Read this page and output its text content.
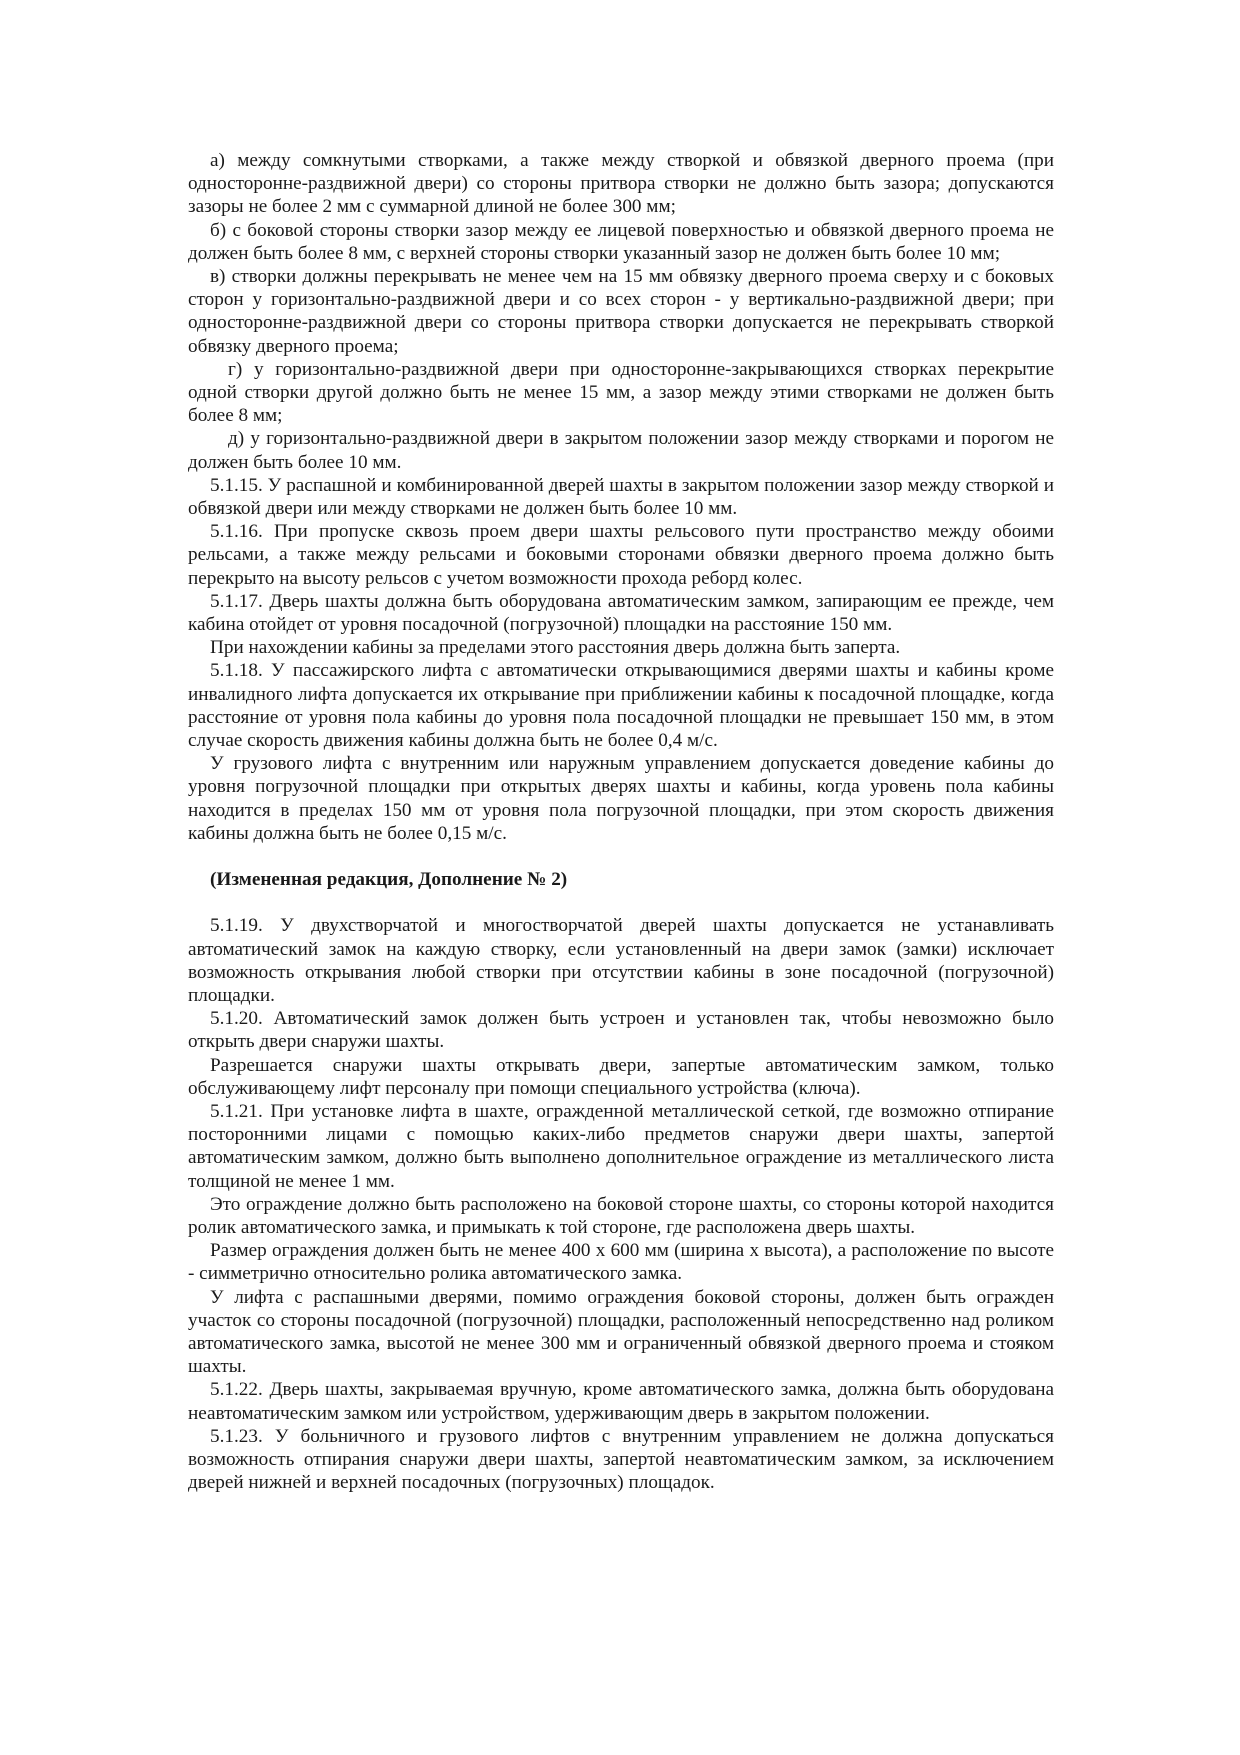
а) между сомкнутыми створками, а также между створкой и обвязкой дверного проема (при односторонне-раздвижной двери) со стороны притвора створки не должно быть зазора; допускаются зазоры не более 2 мм с суммарной длиной не более 300 мм;

б) с боковой стороны створки зазор между ее лицевой поверхностью и обвязкой дверного проема не должен быть более 8 мм, с верхней стороны створки указанный зазор не должен быть более 10 мм;

в) створки должны перекрывать не менее чем на 15 мм обвязку дверного проема сверху и с боковых сторон у горизонтально-раздвижной двери и со всех сторон - у вертикально-раздвижной двери; при односторонне-раздвижной двери со стороны притвора створки допускается не перекрывать створкой обвязку дверного проема;

г) у горизонтально-раздвижной двери при односторонне-закрывающихся створках перекрытие одной створки другой должно быть не менее 15 мм, а зазор между этими створками не должен быть более 8 мм;

д) у горизонтально-раздвижной двери в закрытом положении зазор между створками и порогом не должен быть более 10 мм.

5.1.15. У распашной и комбинированной дверей шахты в закрытом положении зазор между створкой и обвязкой двери или между створками не должен быть более 10 мм.

5.1.16. При пропуске сквозь проем двери шахты рельсового пути пространство между обоими рельсами, а также между рельсами и боковыми сторонами обвязки дверного проема должно быть перекрыто на высоту рельсов с учетом возможности прохода реборд колес.

5.1.17. Дверь шахты должна быть оборудована автоматическим замком, запирающим ее прежде, чем кабина отойдет от уровня посадочной (погрузочной) площадки на расстояние 150 мм.

При нахождении кабины за пределами этого расстояния дверь должна быть заперта.

5.1.18. У пассажирского лифта с автоматически открывающимися дверями шахты и кабины кроме инвалидного лифта допускается их открывание при приближении кабины к посадочной площадке, когда расстояние от уровня пола кабины до уровня пола посадочной площадки не превышает 150 мм, в этом случае скорость движения кабины должна быть не более 0,4 м/с.

У грузового лифта с внутренним или наружным управлением допускается доведение кабины до уровня погрузочной площадки при открытых дверях шахты и кабины, когда уровень пола кабины находится в пределах 150 мм от уровня пола погрузочной площадки, при этом скорость движения кабины должна быть не более 0,15 м/с.

(Измененная редакция, Дополнение № 2)

5.1.19. У двухстворчатой и многостворчатой дверей шахты допускается не устанавливать автоматический замок на каждую створку, если установленный на двери замок (замки) исключает возможность открывания любой створки при отсутствии кабины в зоне посадочной (погрузочной) площадки.

5.1.20. Автоматический замок должен быть устроен и установлен так, чтобы невозможно было открыть двери снаружи шахты.

Разрешается снаружи шахты открывать двери, запертые автоматическим замком, только обслуживающему лифт персоналу при помощи специального устройства (ключа).

5.1.21. При установке лифта в шахте, огражденной металлической сеткой, где возможно отпирание посторонними лицами с помощью каких-либо предметов снаружи двери шахты, запертой автоматическим замком, должно быть выполнено дополнительное ограждение из металлического листа толщиной не менее 1 мм.

Это ограждение должно быть расположено на боковой стороне шахты, со стороны которой находится ролик автоматического замка, и примыкать к той стороне, где расположена дверь шахты.

Размер ограждения должен быть не менее 400 х 600 мм (ширина х высота), а расположение по высоте - симметрично относительно ролика автоматического замка.

У лифта с распашными дверями, помимо ограждения боковой стороны, должен быть огражден участок со стороны посадочной (погрузочной) площадки, расположенный непосредственно над роликом автоматического замка, высотой не менее 300 мм и ограниченный обвязкой дверного проема и стояком шахты.

5.1.22. Дверь шахты, закрываемая вручную, кроме автоматического замка, должна быть оборудована неавтоматическим замком или устройством, удерживающим дверь в закрытом положении.

5.1.23. У больничного и грузового лифтов с внутренним управлением не должна допускаться возможность отпирания снаружи двери шахты, запертой неавтоматическим замком, за исключением дверей нижней и верхней посадочных (погрузочных) площадок.
